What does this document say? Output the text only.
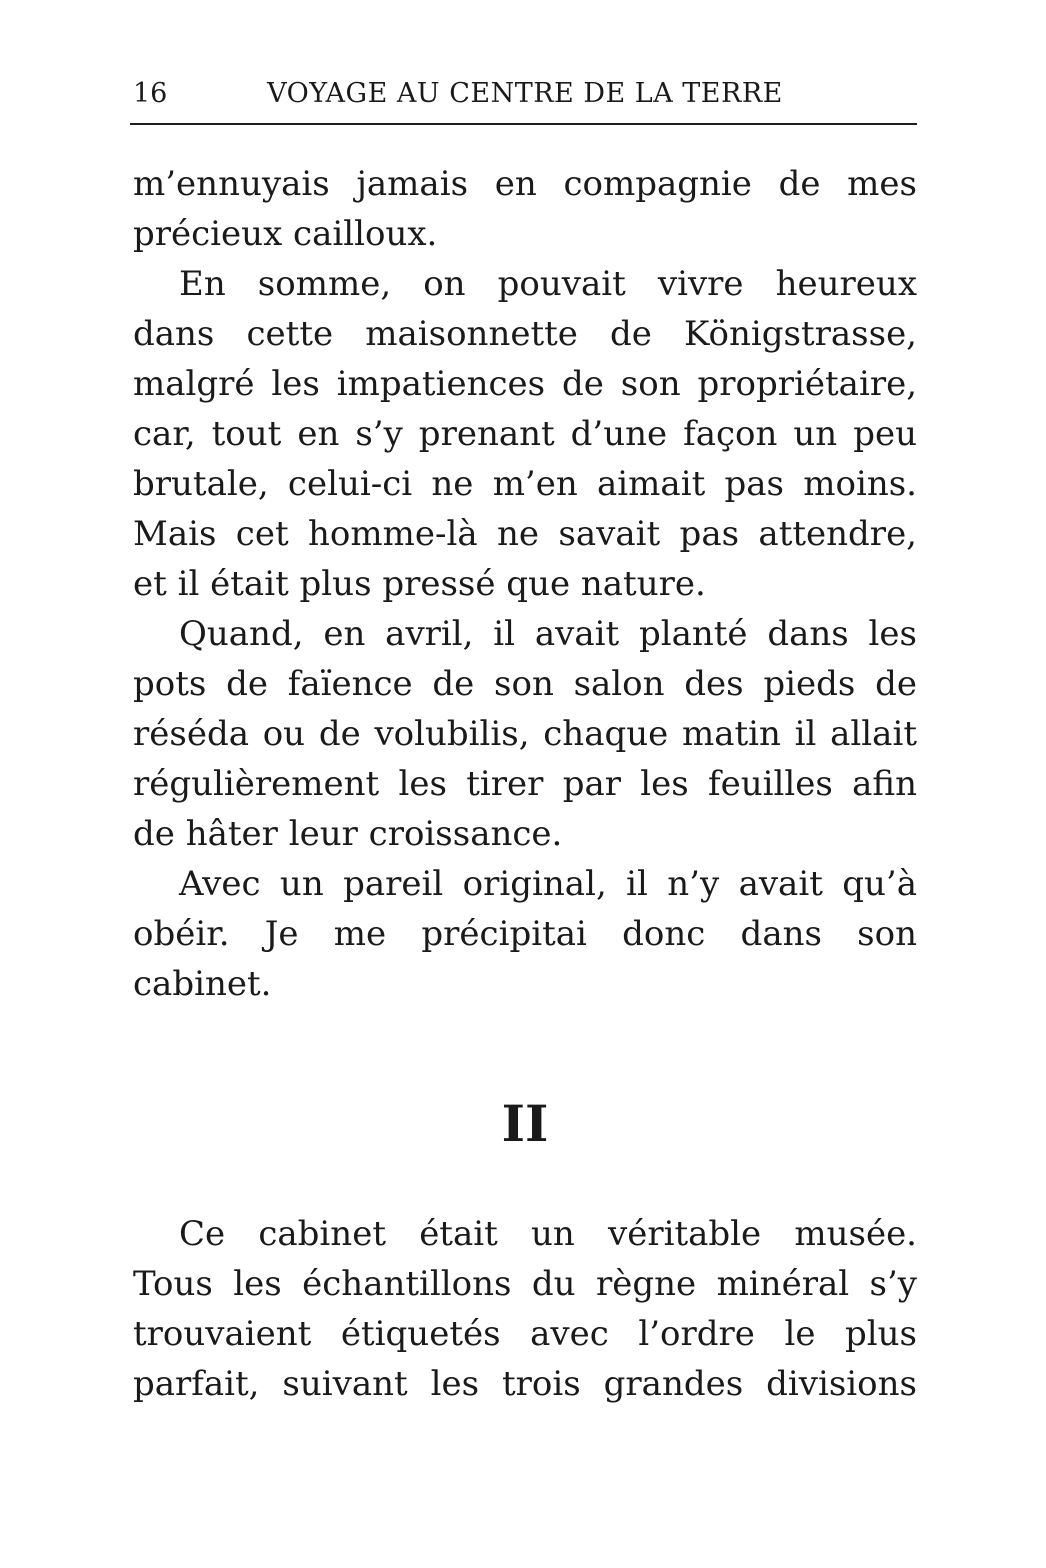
16	VOYAGE AU CENTRE DE LA TERRE
m’ennuyais jamais en compagnie de mes
précieux cailloux.
En somme, on pouvait vivre heureux
dans cette maisonnette de Königstrasse,
malgré les impatiences de son propriétaire,
car, tout en s’y prenant d’une façon un peu
brutale, celui-ci ne m’en aimait pas moins.
Mais cet homme-là ne savait pas attendre,
et il était plus pressé que nature.
Quand, en avril, il avait planté dans les
pots de faïence de son salon des pieds de
réséda ou de volubilis, chaque matin il allait
régulièrement les tirer par les feuilles afin
de hâter leur croissance.
Avec un pareil original, il n’y avait qu’à
obéir. Je me précipitai donc dans son
cabinet.
II
Ce cabinet était un véritable musée.
Tous les échantillons du règne minéral s’y
trouvaient étiquetés avec l’ordre le plus
parfait, suivant les trois grandes divisions
